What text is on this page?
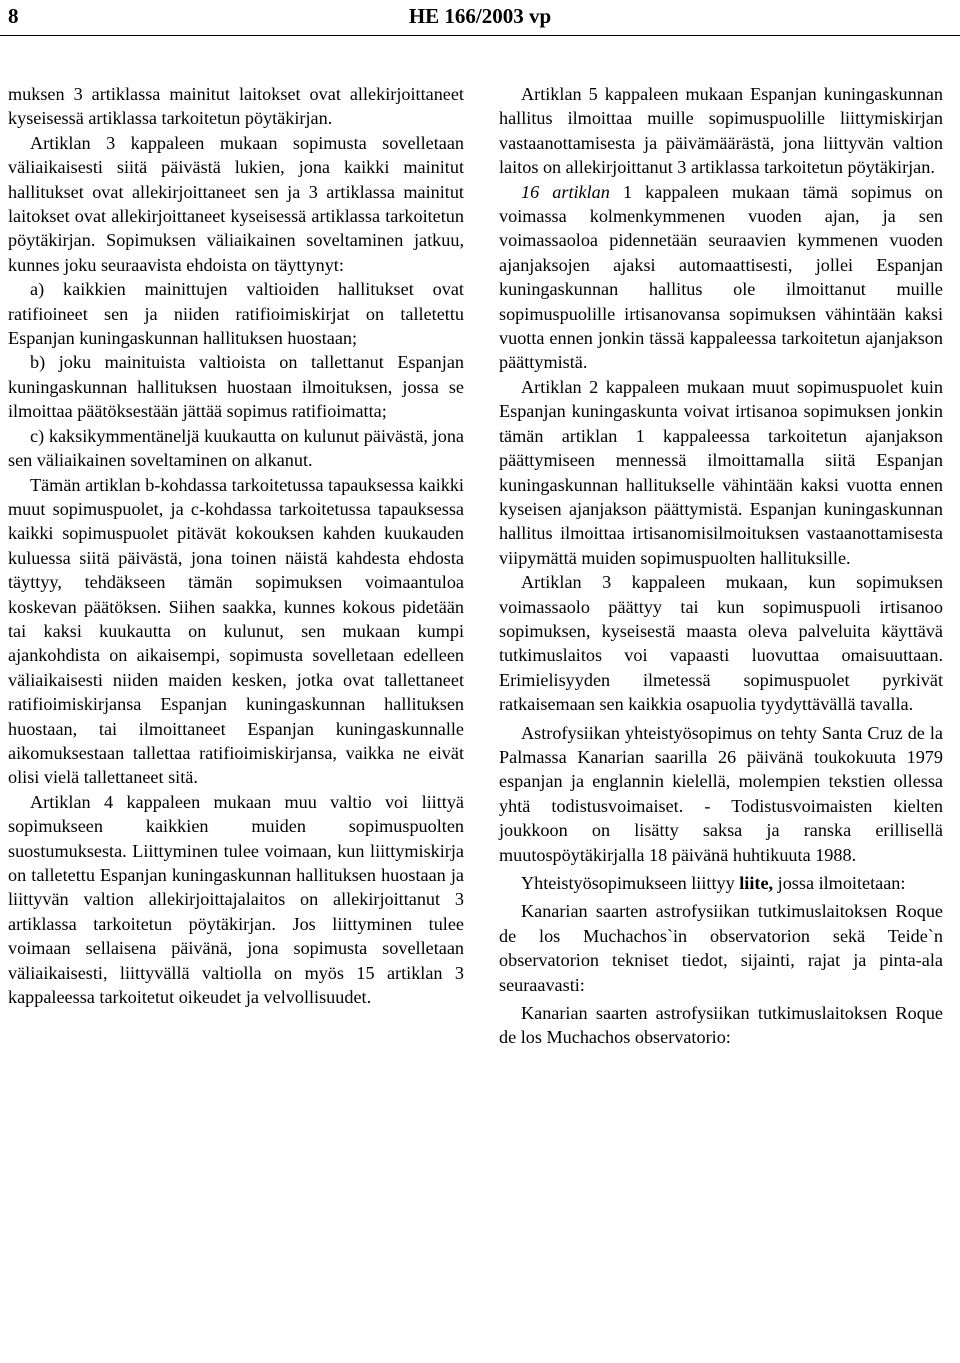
8	HE 166/2003 vp

muksen 3 artiklassa mainitut laitokset ovat allekirjoittaneet kyseisessä artiklassa tarkoitetun pöytäkirjan.

Artiklan 3 kappaleen mukaan sopimusta sovelletaan väliaikaisesti siitä päivästä lukien, jona kaikki mainitut hallitukset ovat allekirjoittaneet sen ja 3 artiklassa mainitut laitokset ovat allekirjoittaneet kyseisessä artiklassa tarkoitetun pöytäkirjan. Sopimuksen väliaikainen soveltaminen jatkuu, kunnes joku seuraavista ehdoista on täyttynyt:

a) kaikkien mainittujen valtioiden hallitukset ovat ratifioineet sen ja niiden ratifioimiskirjat on talletettu Espanjan kuningaskunnan hallituksen huostaan;

b) joku mainituista valtioista on tallettanut Espanjan kuningaskunnan hallituksen huostaan ilmoituksen, jossa se ilmoittaa päätöksestään jättää sopimus ratifioimatta;

c) kaksikymmentäneljä kuukautta on kulunut päivästä, jona sen väliaikainen soveltaminen on alkanut.

Tämän artiklan b-kohdassa tarkoitetussa tapauksessa kaikki muut sopimuspuolet, ja c-kohdassa tarkoitetussa tapauksessa kaikki sopimuspuolet pitävät kokouksen kahden kuukauden kuluessa siitä päivästä, jona toinen näistä kahdesta ehdosta täyttyy, tehdäkseen tämän sopimuksen voimaantuloa koskevan päätöksen. Siihen saakka, kunnes kokous pidetään tai kaksi kuukautta on kulunut, sen mukaan kumpi ajankohdista on aikaisempi, sopimusta sovelletaan edelleen väliaikaisesti niiden maiden kesken, jotka ovat tallettaneet ratifioimiskirjansa Espanjan kuningaskunnan hallituksen huostaan, tai ilmoittaneet Espanjan kuningaskunnalle aikomuksestaan tallettaa ratifioimiskirjansa, vaikka ne eivät olisi vielä tallettaneet sitä.

Artiklan 4 kappaleen mukaan muu valtio voi liittyä sopimukseen kaikkien muiden sopimuspuolten suostumuksesta. Liittyminen tulee voimaan, kun liittymiskirja on talletettu Espanjan kuningaskunnan hallituksen huostaan ja liittyvän valtion allekirjoittajalaitos on allekirjoittanut 3 artiklassa tarkoitetun pöytäkirjan. Jos liittyminen tulee voimaan sellaisena päivänä, jona sopimusta sovelletaan väliaikaisesti, liittyvällä valtiolla on myös 15 artiklan 3 kappaleessa tarkoitetut oikeudet ja velvollisuudet.

Artiklan 5 kappaleen mukaan Espanjan kuningaskunnan hallitus ilmoittaa muille sopimuspuolille liittymiskirjan vastaanottamisesta ja päivämäärästä, jona liittyvän valtion laitos on allekirjoittanut 3 artiklassa tarkoitetun pöytäkirjan.

16 artiklan 1 kappaleen mukaan tämä sopimus on voimassa kolmenkymmenen vuoden ajan, ja sen voimassaoloa pidennetään seuraavien kymmenen vuoden ajanjaksojen ajaksi automaattisesti, jollei Espanjan kuningaskunnan hallitus ole ilmoittanut muille sopimuspuolille irtisanovansa sopimuksen vähintään kaksi vuotta ennen jonkin tässä kappaleessa tarkoitetun ajanjakson päättymistä.

Artiklan 2 kappaleen mukaan muut sopimuspuolet kuin Espanjan kuningaskunta voivat irtisanoa sopimuksen jonkin tämän artiklan 1 kappaleessa tarkoitetun ajanjakson päättymiseen mennessä ilmoittamalla siitä Espanjan kuningaskunnan hallitukselle vähintään kaksi vuotta ennen kyseisen ajanjakson päättymistä. Espanjan kuningaskunnan hallitus ilmoittaa irtisanomisilmoituksen vastaanottamisesta viipymättä muiden sopimuspuolten hallituksille.

Artiklan 3 kappaleen mukaan, kun sopimuksen voimassaolo päättyy tai kun sopimuspuoli irtisanoo sopimuksen, kyseisestä maasta oleva palveluita käyttävä tutkimuslaitos voi vapaasti luovuttaa omaisuuttaan. Erimielisyyden ilmetessä sopimuspuolet pyrkivät ratkaisemaan sen kaikkia osapuolia tyydyttävällä tavalla.

Astrofysiikan yhteistyösopimus on tehty Santa Cruz de la Palmassa Kanarian saarilla 26 päivänä toukokuuta 1979 espanjan ja englannin kielellä, molempien tekstien ollessa yhtä todistusvoimaiset. - Todistusvoimaisten kielten joukkoon on lisätty saksa ja ranska erillisellä muutospöytäkirjalla 18 päivänä huhtikuuta 1988.

Yhteistyösopimukseen liittyy liite, jossa ilmoitetaan:

Kanarian saarten astrofysiikan tutkimuslaitoksen Roque de los Muchachos`in observatorion sekä Teide`n observatorion tekniset tiedot, sijainti, rajat ja pinta-ala seuraavasti:

Kanarian saarten astrofysiikan tutkimuslaitoksen Roque de los Muchachos observatorio:
